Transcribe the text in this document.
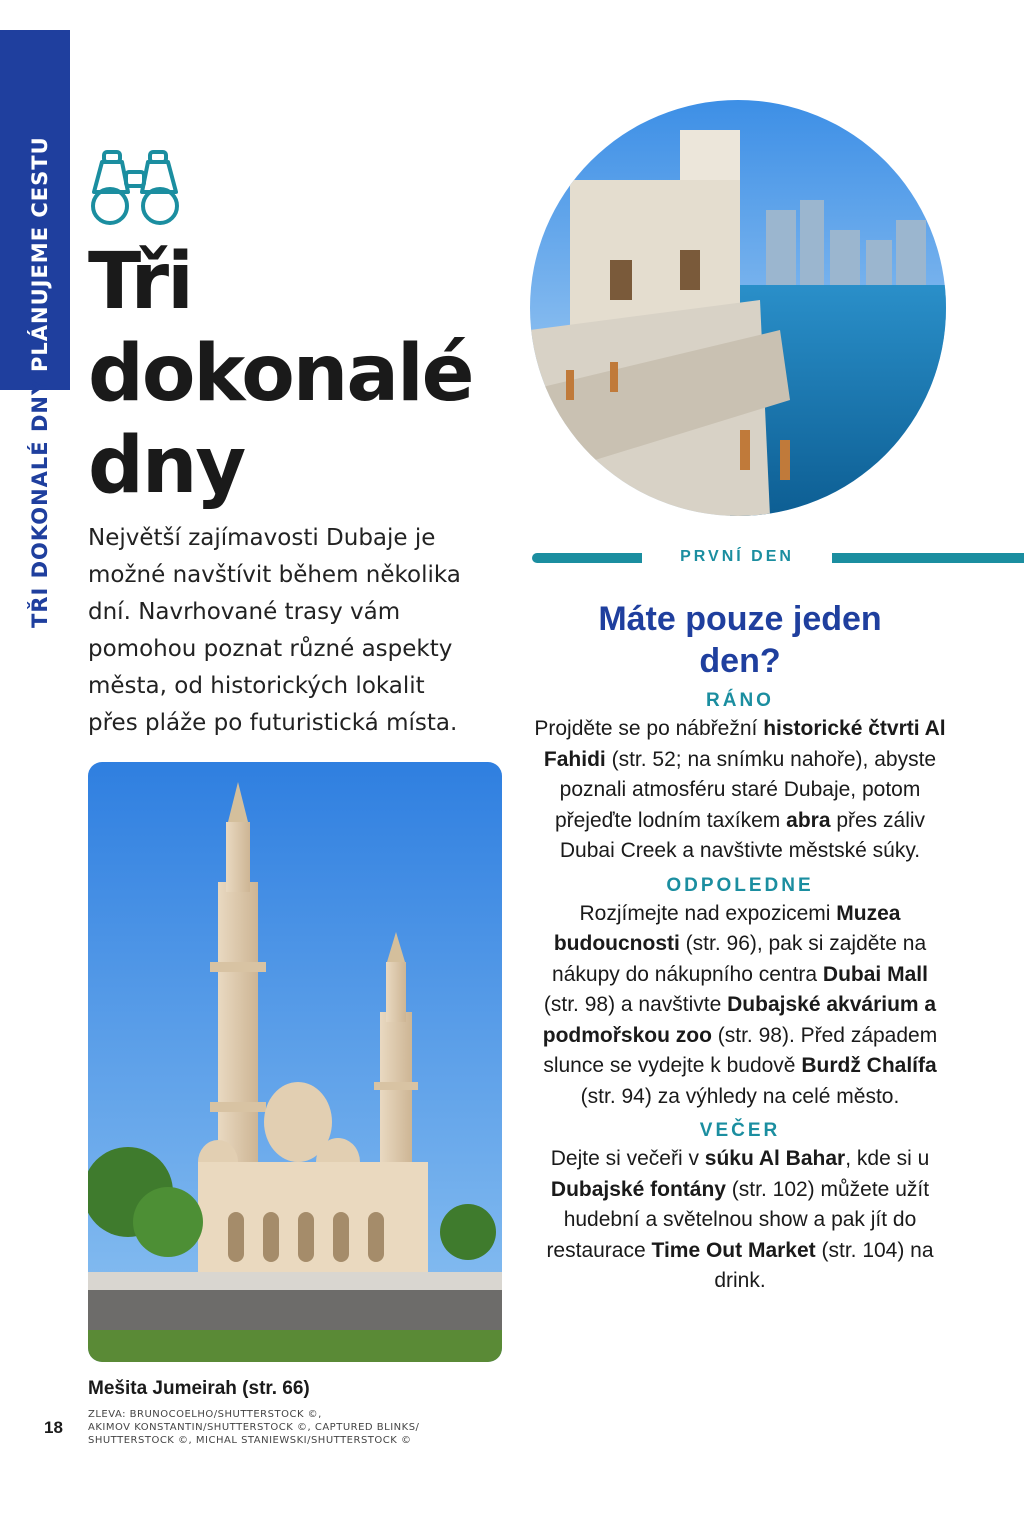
PLÁNUJEME CESTU
TŘI DOKONALÉ DNY
Tři
dokonalé
dny

Největší zajímavosti Dubaje je
možné navštívit během několika
dní. Navrhované trasy vám
pomohou poznat různé aspekty
města, od historických lokalit
přes pláže po futuristická místa.

Mešita Jumeirah (str. 66)

ZLEVA: BRUNOCOELHO/SHUTTERSTOCK ©,
AKIMOV KONSTANTIN/SHUTTERSTOCK ©, CAPTURED BLINKS/
SHUTTERSTOCK ©, MICHAL STANIEWSKI/SHUTTERSTOCK ©

18

PRVNÍ DEN
Máte pouze jeden
den?
RÁNO

Projděte se po nábřežní historické čtvrti Al Fahidi (str. 52; na snímku nahoře), abyste poznali atmosféru staré Dubaje, potom přejeďte lodním taxíkem abra přes záliv Dubai Creek a navštivte městské súky.

ODPOLEDNE

Rozjímejte nad expozicemi Muzea budoucnosti (str. 96), pak si zajděte na nákupy do nákupního centra Dubai Mall (str. 98) a navštivte Dubajské akvárium a podmořskou zoo (str. 98). Před západem slunce se vydejte k budově Burdž Chalífa (str. 94) za výhledy na celé město.

VEČER

Dejte si večeři v súku Al Bahar, kde si u Dubajské fontány (str. 102) můžete užít hudební a světelnou show a pak jít do restaurace Time Out Market (str. 104) na drink.
